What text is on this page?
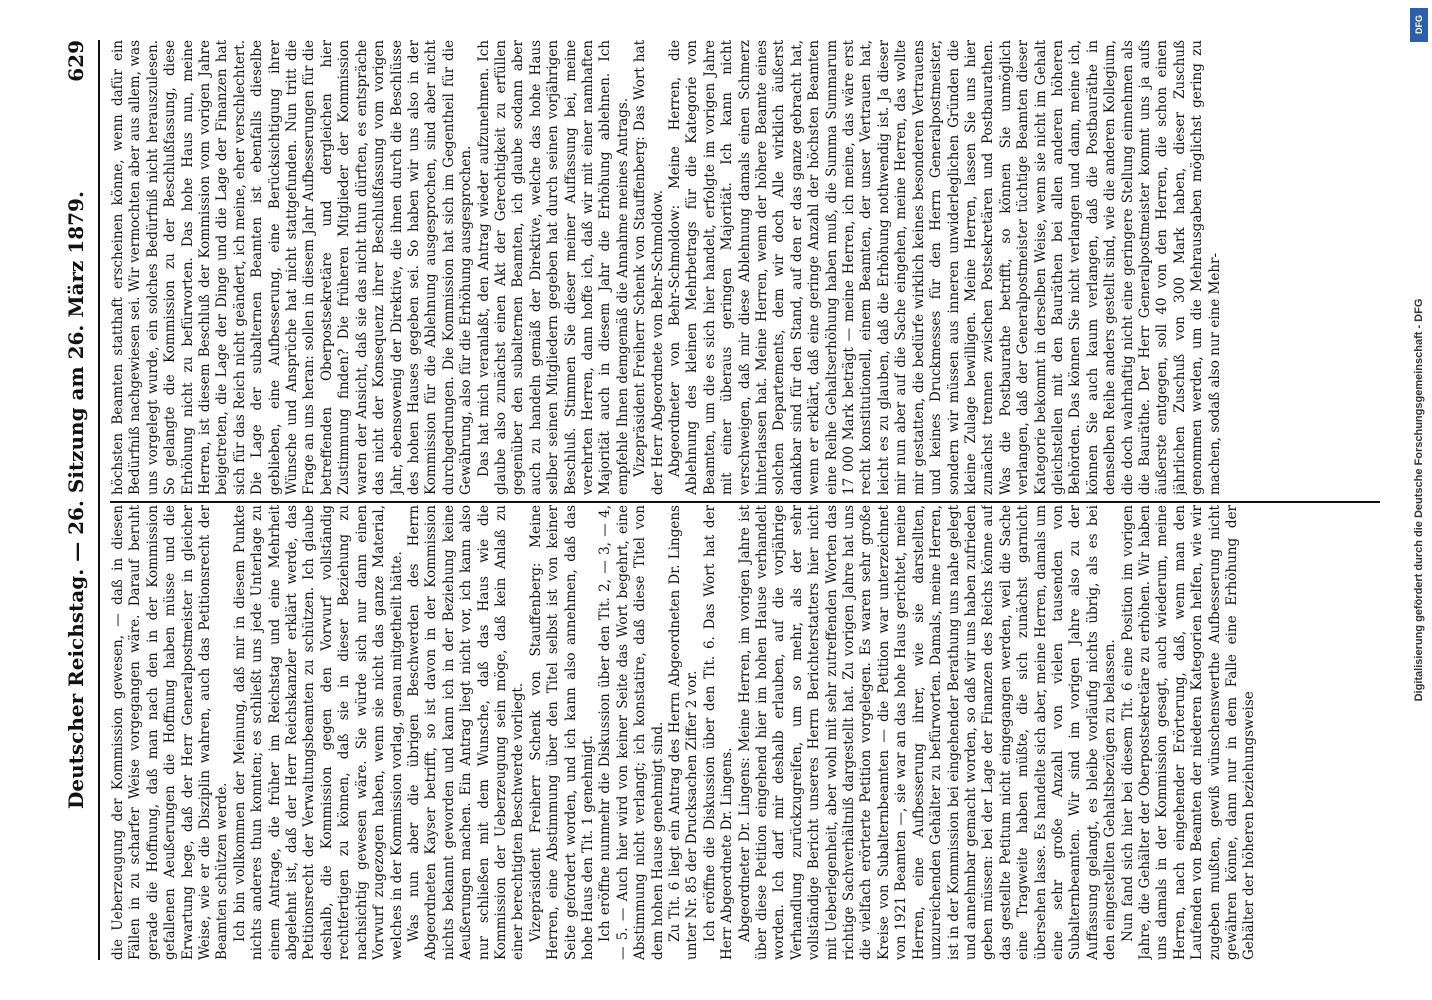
Deutscher Reichstag. — 26. Sitzung am 26. März 1879.
629

die Ueberzeugung der Kommission gewesen, — daß in diesen Fällen in zu scharfer Weise vorgegangen wäre. Darauf beruht gerade die Hoffnung, daß man nach den in der Kommission gefallenen Aeußerungen die Hoffnung haben müsse und die Erwartung hege, daß der Herr Generalpostmeister in gleicher Weise, wie er die Disziplin wahren, auch das Petitionsrecht der Beamten schützen werde. Ich bin vollkommen der Meinung, daß mir in diesem Punkte nichts anderes thun konnten; es schließt uns jede Unterlage zu einem Antrage, die früher im Reichstag und eine Mehrheit abgelehnt ist, daß der Herr Reichskanzler erklärt werde, das Petitionsrecht der Verwaltungsbeamten zu schützen. Ich glaube deshalb, die Kommission gegen den Vorwurf vollständig rechtfertigen zu können, daß sie in dieser Beziehung zu nachsichtig gewesen wäre. Sie würde sich nur dann einen Vorwurf zugezogen haben, wenn sie nicht das ganze Material, welches in der Kommission vorlag, genau mitgetheilt hätte. Was nun aber die übrigen Beschwerden des Herrn Abgeordneten Kayser betrifft, so ist davon in der Kommission nichts bekannt geworden und kann ich in der Beziehung keine Aeußerungen machen. Ein Antrag liegt nicht vor, ich kann also nur schließen mit dem Wunsche, daß das Haus wie die Kommission der Ueberzeugung sein möge, daß kein Anlaß zu einer berechtigten Beschwerde vorliegt. Vizepräsident Freiherr Schenk von Stauffenberg: Meine Herren, eine Abstimmung über den Titel selbst ist von keiner Seite gefordert worden, und ich kann also annehmen, daß das hohe Haus den Tit. 1 genehmigt. Ich eröffne nunmehr die Diskussion über den Tit. 2, — 3, — 4, — 5. — Auch hier wird von keiner Seite das Wort begehrt, eine Abstimmung nicht verlangt; ich konstatire, daß diese Titel von dem hohen Hause genehmigt sind. Zu Tit. 6 liegt ein Antrag des Herrn Abgeordneten Dr. Lingens unter Nr. 85 der Drucksachen Ziffer 2 vor. Ich eröffne die Diskussion über den Tit. 6. Das Wort hat der Herr Abgeordnete Dr. Lingens. Abgeordneter Dr. Lingens: Meine Herren, im vorigen Jahre ist über diese Petition eingehend hier im hohen Hause verhandelt worden. Ich darf mir deshalb erlauben, auf die vorjährige Verhandlung zurückzugreifen, um so mehr, als der sehr vollständige Bericht unseres Herrn Berichterstatters hier nicht mit Ueberlegenheit, aber wohl mit sehr zutreffenden Worten das richtige Sachverhältniß dargestellt hat. Zu vorigen Jahre hat uns die vielfach erörterte Petition vorgelegen. Es waren sehr große Kreise von Subalternbeamten — die Petition war unterzeichnet von 1921 Beamten —, sie war an das hohe Haus gerichtet, meine Herren, eine Aufbesserung ihrer, wie sie darstellten, unzureichenden Gehälter zu befürworten. Damals, meine Herren, ist in der Kommission bei eingehender Berathung uns nahe gelegt und annehmbar gemacht worden, so daß wir uns haben zufrieden geben müssen: bei der Lage der Finanzen des Reichs könne auf das gestellte Petitum nicht eingegangen werden, weil die Sache eine Tragweite haben müßte, die sich zunächst garnicht übersehen lasse. Es handelte sich aber, meine Herren, damals um eine sehr große Anzahl von vielen tausenden von Subalternbeamten. Wir sind im vorigen Jahre also zu der Auffassung gelangt, es bleibe vorläufig nichts übrig, als es bei den eingestellten Gehaltsbezügen zu belassen. Nun fand sich hier bei diesem Tit. 6 eine Position im vorigen Jahre, die Gehälter der Oberpostsekretäre zu erhöhen. Wir haben uns damals in der Kommission gesagt, auch wiederum, meine Herren, nach eingehender Erörterung, daß, wenn man den Laufenden von Beamten der niederen Kategorien helfen, wie wir zugeben mußten, gewiß wünschenswerthe Aufbesserung nicht gewähren könne, dann nur in dem Falle eine Erhöhung der Gehälter der höheren beziehungsweise

höchsten Beamten statthaft erscheinen könne, wenn dafür ein Bedürfniß nachgewiesen sei. Wir vermochten aber aus allem, was uns vorgelegt wurde, ein solches Bedürfniß nicht herauszulesen. So gelangte die Kommission zu der Beschlußfassung, diese Erhöhung nicht zu befürworten. Das hohe Haus nun, meine Herren, ist diesem Beschluß der Kommission vom vorigen Jahre beigetreten, die Lage der Dinge und die Lage der Finanzen hat sich für das Reich nicht geändert, ich meine, eher verschlechtert. Die Lage der subalternen Beamten ist ebenfalls dieselbe geblieben, eine Aufbesserung, eine Berücksichtigung ihrer Wünsche und Ansprüche hat nicht stattgefunden. Nun tritt die Frage an uns heran: sollen in diesem Jahr Aufbesserungen für die betreffenden Oberpostsekretäre und dergleichen hier Zustimmung finden? Die früheren Mitglieder der Kommission waren der Ansicht, daß sie das nicht thun dürften, es entspräche das nicht der Konsequenz ihrer Beschlußfassung vom vorigen Jahr, ebensowenig der Direktive, die ihnen durch die Beschlüsse des hohen Hauses gegeben sei. So haben wir uns also in der Kommission für die Ablehnung ausgesprochen, sind aber nicht durchgedrungen. Die Kommission hat sich im Gegentheil für die Gewährung, also für die Erhöhung ausgesprochen. Das hat mich veranlaßt, den Antrag wieder aufzunehmen. Ich glaube also zunächst einen Akt der Gerechtigkeit zu erfüllen gegenüber den subalternen Beamten, ich glaube sodann aber auch zu handeln gemäß der Direktive, welche das hohe Haus selber seinen Mitgliedern gegeben hat durch seinen vorjährigen Beschluß. Stimmen Sie dieser meiner Auffassung bei, meine verehrten Herren, dann hoffe ich, daß wir mit einer namhaften Majorität auch in diesem Jahr die Erhöhung ablehnen. Ich empfehle Ihnen demgemäß die Annahme meines Antrags. Vizepräsident Freiherr Schenk von Stauffenberg: Das Wort hat der Herr Abgeordnete von Behr-Schmoldow. Abgeordneter von Behr-Schmoldow: Meine Herren, die Ablehnung des kleinen Mehrbetrags für die Kategorie von Beamten, um die es sich hier handelt, erfolgte im vorigen Jahre mit einer überaus geringen Majorität. Ich kann nicht verschweigen, daß mir diese Ablehnung damals einen Schmerz hinterlassen hat. Meine Herren, wenn der höhere Beamte eines solchen Departements, dem wir doch Alle wirklich äußerst dankbar sind für den Stand, auf den er das ganze gebracht hat, wenn er erklärt, daß eine geringe Anzahl der höchsten Beamten eine Reihe Gehaltserhöhung haben muß, die Summa Summarum 17 000 Mark beträgt — meine Herren, ich meine, das wäre erst recht konstitutionell, einem Beamten, der unser Vertrauen hat, leicht es zu glauben, daß die Erhöhung nothwendig ist. Ja dieser mir nun aber auf die Sache eingehen, meine Herren, das wollte mir gestatten, die bedürfe wirklich keines besonderen Vertrauens und keines Druckmesses für den Herrn Generalpostmeister, sondern wir müssen aus inneren unwiderleglichen Gründen die kleine Zulage bewilligen. Meine Herren, lassen Sie uns hier zunächst trennen zwischen Postsekretären und Postbaurathen. Was die Postbaurathe betrifft, so können Sie unmöglich verlangen, daß der Generalpostmeister tüchtige Beamten dieser Kategorie bekommt in derselben Weise, wenn sie nicht im Gehalt gleichstellen mit den Bauräthen bei allen anderen höheren Behörden. Das können Sie nicht verlangen und dann, meine ich, können Sie auch kaum verlangen, daß die Postbauräthe in denselben Reihe anders gestellt sind, wie die anderen Kollegium, die doch wahrhaftig nicht eine geringere Stellung einnehmen als die Bauräthe. Der Herr Generalpostmeister kommt uns ja aufs äußerste entgegen, soll 40 von den Herren, die schon einen jährlichen Zuschuß von 300 Mark haben, dieser Zuschuß genommen werden, um die Mehrausgaben möglichst gering zu machen, sodaß also nur eine Mehr-

DFG
Digitalisierung gefördert durch die Deutsche Forschungsgemeinschaft - DFG
